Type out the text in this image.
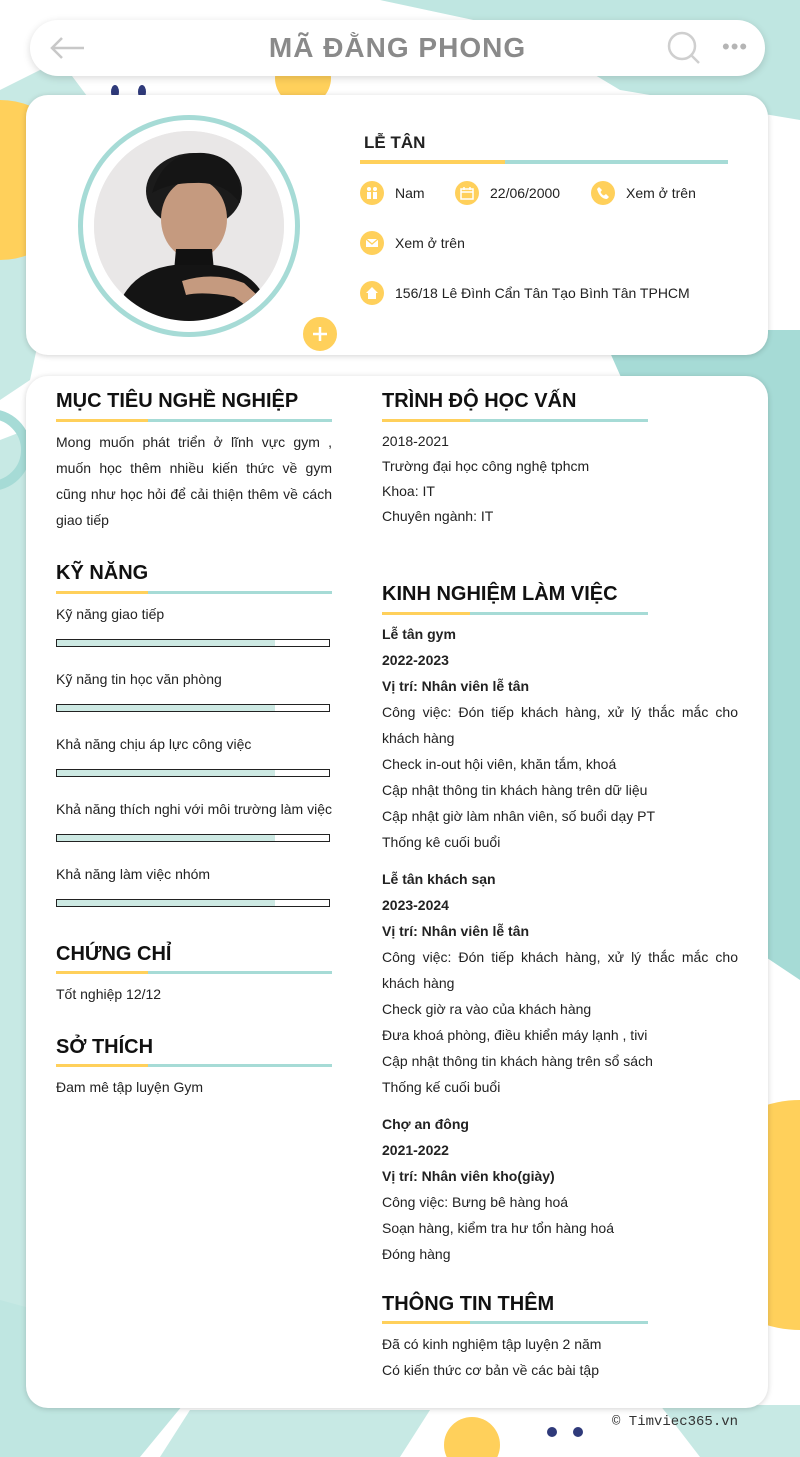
MÃ ĐẰNG PHONG	•••
LỄ TÂN
Nam	22/06/2000	Xem ở trên
Xem ở trên
156/18 Lê Đình Cẩn Tân Tạo Bình Tân TPHCM
MỤC TIÊU NGHỀ NGHIỆP
Mong muốn phát triển ở lĩnh vực gym , muốn học thêm nhiều kiến thức về gym cũng như học hỏi để cải thiện thêm về cách giao tiếp
KỸ NĂNG
Kỹ năng giao tiếp
Kỹ năng tin học văn phòng
Khả năng chịu áp lực công việc
Khả năng thích nghi với môi trường làm việc
Khả năng làm việc nhóm
CHỨNG CHỈ
Tốt nghiệp 12/12
SỞ THÍCH
Đam mê tập luyện Gym
TRÌNH ĐỘ HỌC VẤN
2018-2021
Trường đại học công nghệ tphcm
Khoa: IT
Chuyên ngành: IT
KINH NGHIỆM LÀM VIỆC
Lễ tân gym
2022-2023
Vị trí: Nhân viên lễ tân
Công việc: Đón tiếp khách hàng, xử lý thắc mắc cho khách hàng
Check in-out hội viên, khăn tắm, khoá
Cập nhật thông tin khách hàng trên dữ liệu
Cập nhật giờ làm nhân viên, số buổi dạy PT
Thống kê cuối buổi
Lễ tân khách sạn
2023-2024
Vị trí: Nhân viên lễ tân
Công việc: Đón tiếp khách hàng, xử lý thắc mắc cho khách hàng
Check giờ ra vào của khách hàng
Đưa khoá phòng, điều khiển máy lạnh , tivi
Cập nhật thông tin khách hàng trên sổ sách
Thống kế cuối buổi
Chợ an đông
2021-2022
Vị trí: Nhân viên kho(giày)
Công việc: Bưng bê hàng hoá
Soạn hàng, kiểm tra hư tổn hàng hoá
Đóng hàng
THÔNG TIN THÊM
Đã có kinh nghiệm tập luyện 2 năm
Có kiến thức cơ bản về các bài tập
© Timviec365.vn
